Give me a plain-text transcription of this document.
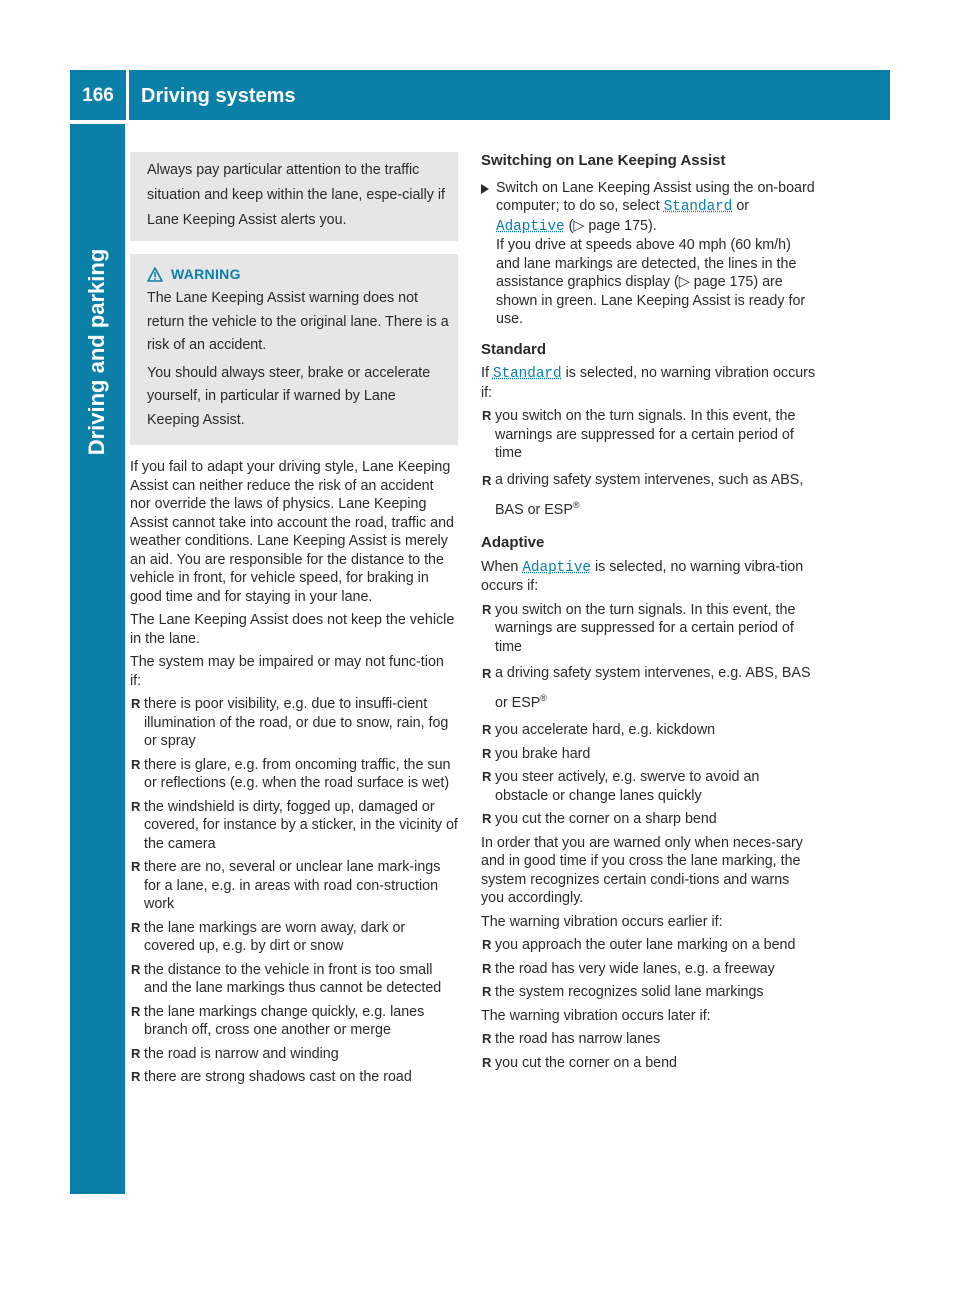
166	Driving systems
Driving and parking

Always pay particular attention to the traffic situation and keep within the lane, espe-cially if Lane Keeping Assist alerts you.

WARNING

The Lane Keeping Assist warning does not return the vehicle to the original lane. There is a risk of an accident.

You should always steer, brake or accelerate yourself, in particular if warned by Lane Keeping Assist.

If you fail to adapt your driving style, Lane Keeping Assist can neither reduce the risk of an accident nor override the laws of physics. Lane Keeping Assist cannot take into account the road, traffic and weather conditions. Lane Keeping Assist is merely an aid. You are responsible for the distance to the vehicle in front, for vehicle speed, for braking in good time and for staying in your lane.

The Lane Keeping Assist does not keep the vehicle in the lane.

The system may be impaired or may not func-tion if:

R there is poor visibility, e.g. due to insuffi-cient illumination of the road, or due to snow, rain, fog or spray
R there is glare, e.g. from oncoming traffic, the sun or reflections (e.g. when the road surface is wet)
R the windshield is dirty, fogged up, damaged or covered, for instance by a sticker, in the vicinity of the camera
R there are no, several or unclear lane mark-ings for a lane, e.g. in areas with road con-struction work
R the lane markings are worn away, dark or covered up, e.g. by dirt or snow
R the distance to the vehicle in front is too small and the lane markings thus cannot be detected
R the lane markings change quickly, e.g. lanes branch off, cross one another or merge
R the road is narrow and winding
R there are strong shadows cast on the road
Switching on Lane Keeping Assist
Switch on Lane Keeping Assist using the on-board computer; to do so, select Standard or Adaptive (▷ page 175).
If you drive at speeds above 40 mph (60 km/h) and lane markings are detected, the lines in the assistance graphics display (▷ page 175) are shown in green. Lane Keeping Assist is ready for use.
Standard

If Standard is selected, no warning vibration occurs if:

R you switch on the turn signals. In this event, the warnings are suppressed for a certain period of time
R a driving safety system intervenes, such as ABS, BAS or ESP®
Adaptive

When Adaptive is selected, no warning vibra-tion occurs if:

R you switch on the turn signals. In this event, the warnings are suppressed for a certain period of time
R a driving safety system intervenes, e.g. ABS, BAS or ESP®
R you accelerate hard, e.g. kickdown
R you brake hard
R you steer actively, e.g. swerve to avoid an obstacle or change lanes quickly
R you cut the corner on a sharp bend

In order that you are warned only when neces-sary and in good time if you cross the lane marking, the system recognizes certain condi-tions and warns you accordingly.

The warning vibration occurs earlier if:

R you approach the outer lane marking on a bend
R the road has very wide lanes, e.g. a freeway
R the system recognizes solid lane markings

The warning vibration occurs later if:

R the road has narrow lanes
R you cut the corner on a bend
